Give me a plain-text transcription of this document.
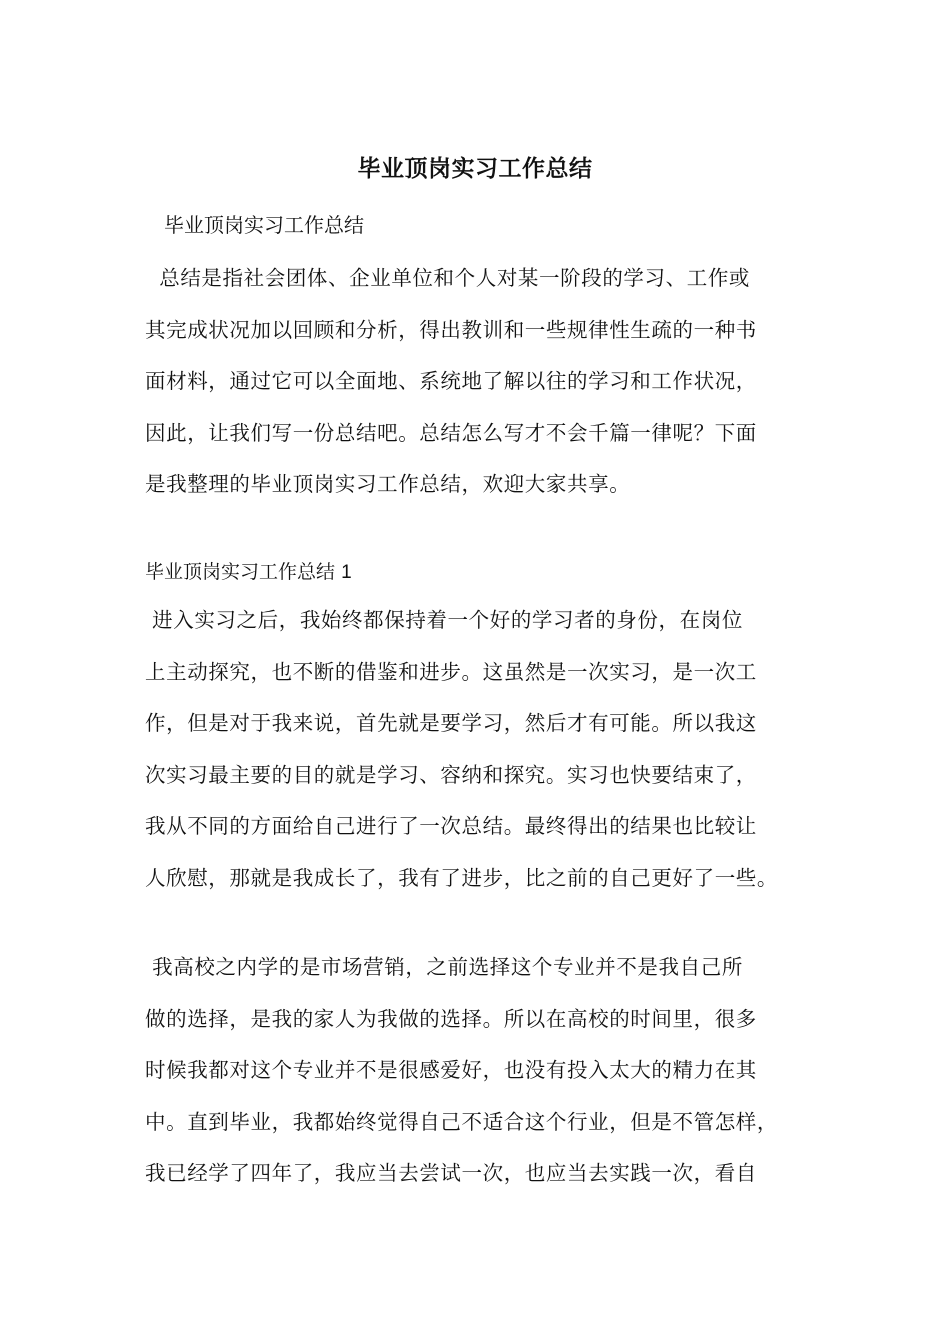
毕业顶岗实习工作总结
毕业顶岗实习工作总结
总结是指社会团体、企业单位和个人对某一阶段的学习、工作或
其完成状况加以回顾和分析，得出教训和一些规律性生疏的一种书
面材料，通过它可以全面地、系统地了解以往的学习和工作状况，
因此，让我们写一份总结吧。总结怎么写才不会千篇一律呢？下面
是我整理的毕业顶岗实习工作总结，欢迎大家共享。
毕业顶岗实习工作总结 1
进入实习之后，我始终都保持着一个好的学习者的身份，在岗位
上主动探究，也不断的借鉴和进步。这虽然是一次实习，是一次工
作，但是对于我来说，首先就是要学习，然后才有可能。所以我这
次实习最主要的目的就是学习、容纳和探究。实习也快要结束了，
我从不同的方面给自己进行了一次总结。最终得出的结果也比较让
人欣慰，那就是我成长了，我有了进步，比之前的自己更好了一些。
我高校之内学的是市场营销，之前选择这个专业并不是我自己所
做的选择，是我的家人为我做的选择。所以在高校的时间里，很多
时候我都对这个专业并不是很感爱好，也没有投入太大的精力在其
中。直到毕业，我都始终觉得自己不适合这个行业，但是不管怎样，
我已经学了四年了，我应当去尝试一次，也应当去实践一次，看自
